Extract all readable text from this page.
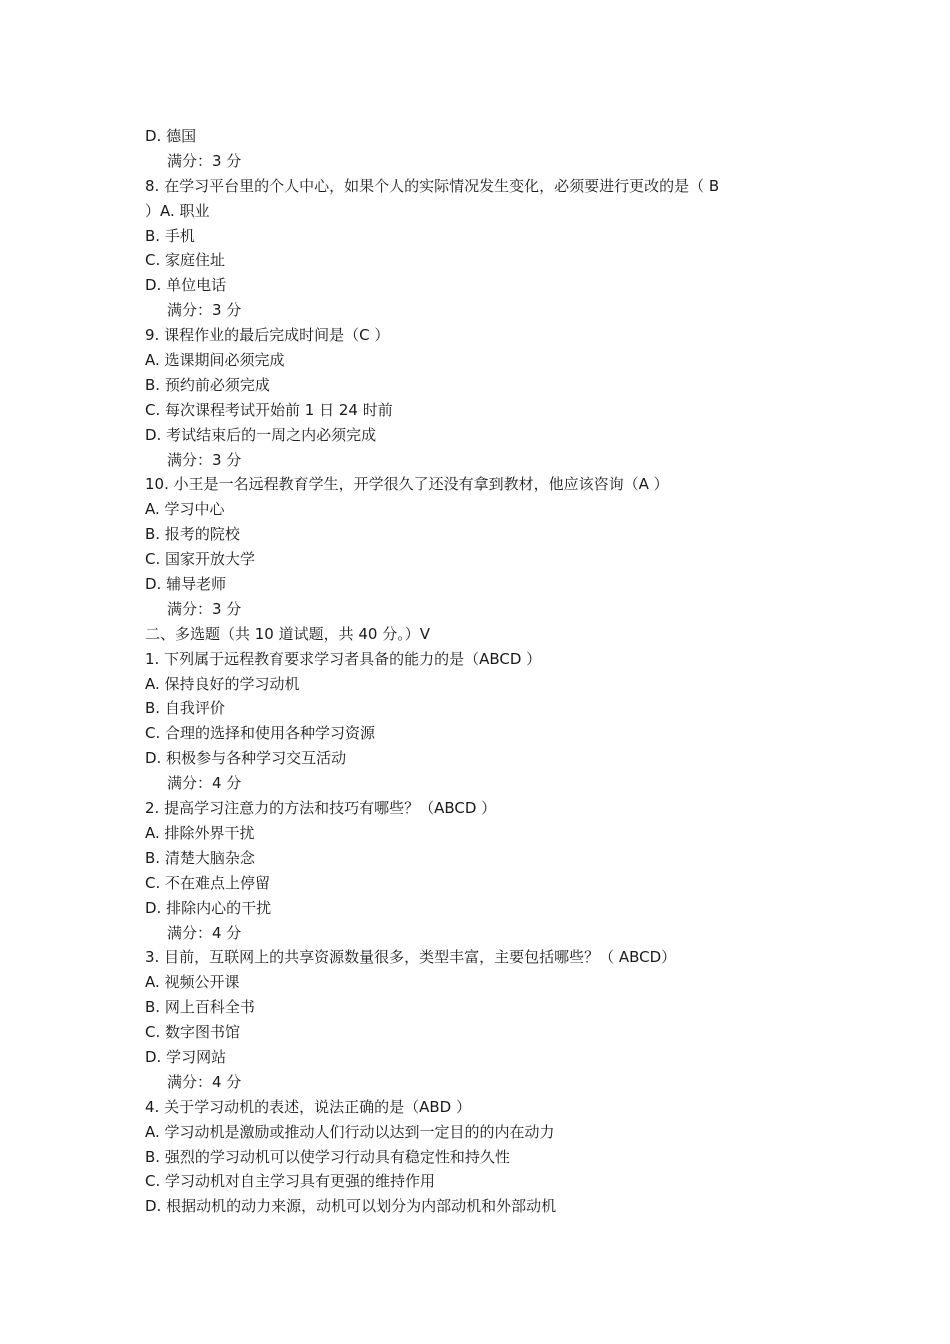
D. 德国
满分：3 分
8. 在学习平台里的个人中心，如果个人的实际情况发生变化，必须要进行更改的是（ B
）A. 职业
B. 手机
C. 家庭住址
D. 单位电话
满分：3 分
9. 课程作业的最后完成时间是（C ）
A. 选课期间必须完成
B. 预约前必须完成
C. 每次课程考试开始前 1 日 24 时前
D. 考试结束后的一周之内必须完成
满分：3 分
10. 小王是一名远程教育学生，开学很久了还没有拿到教材，他应该咨询（A ）
A. 学习中心
B. 报考的院校
C. 国家开放大学
D. 辅导老师
满分：3 分
二、多选题（共 10 道试题，共 40 分。）V
1. 下列属于远程教育要求学习者具备的能力的是（ABCD ）
A. 保持良好的学习动机
B. 自我评价
C. 合理的选择和使用各种学习资源
D. 积极参与各种学习交互活动
满分：4 分
2. 提高学习注意力的方法和技巧有哪些？（ABCD ）
A. 排除外界干扰
B. 清楚大脑杂念
C. 不在难点上停留
D. 排除内心的干扰
满分：4 分
3. 目前，互联网上的共享资源数量很多，类型丰富，主要包括哪些？（ ABCD）
A. 视频公开课
B. 网上百科全书
C. 数字图书馆
D. 学习网站
满分：4 分
4. 关于学习动机的表述，说法正确的是（ABD ）
A. 学习动机是激励或推动人们行动以达到一定目的的内在动力
B. 强烈的学习动机可以使学习行动具有稳定性和持久性
C. 学习动机对自主学习具有更强的维持作用
D. 根据动机的动力来源，动机可以划分为内部动机和外部动机
